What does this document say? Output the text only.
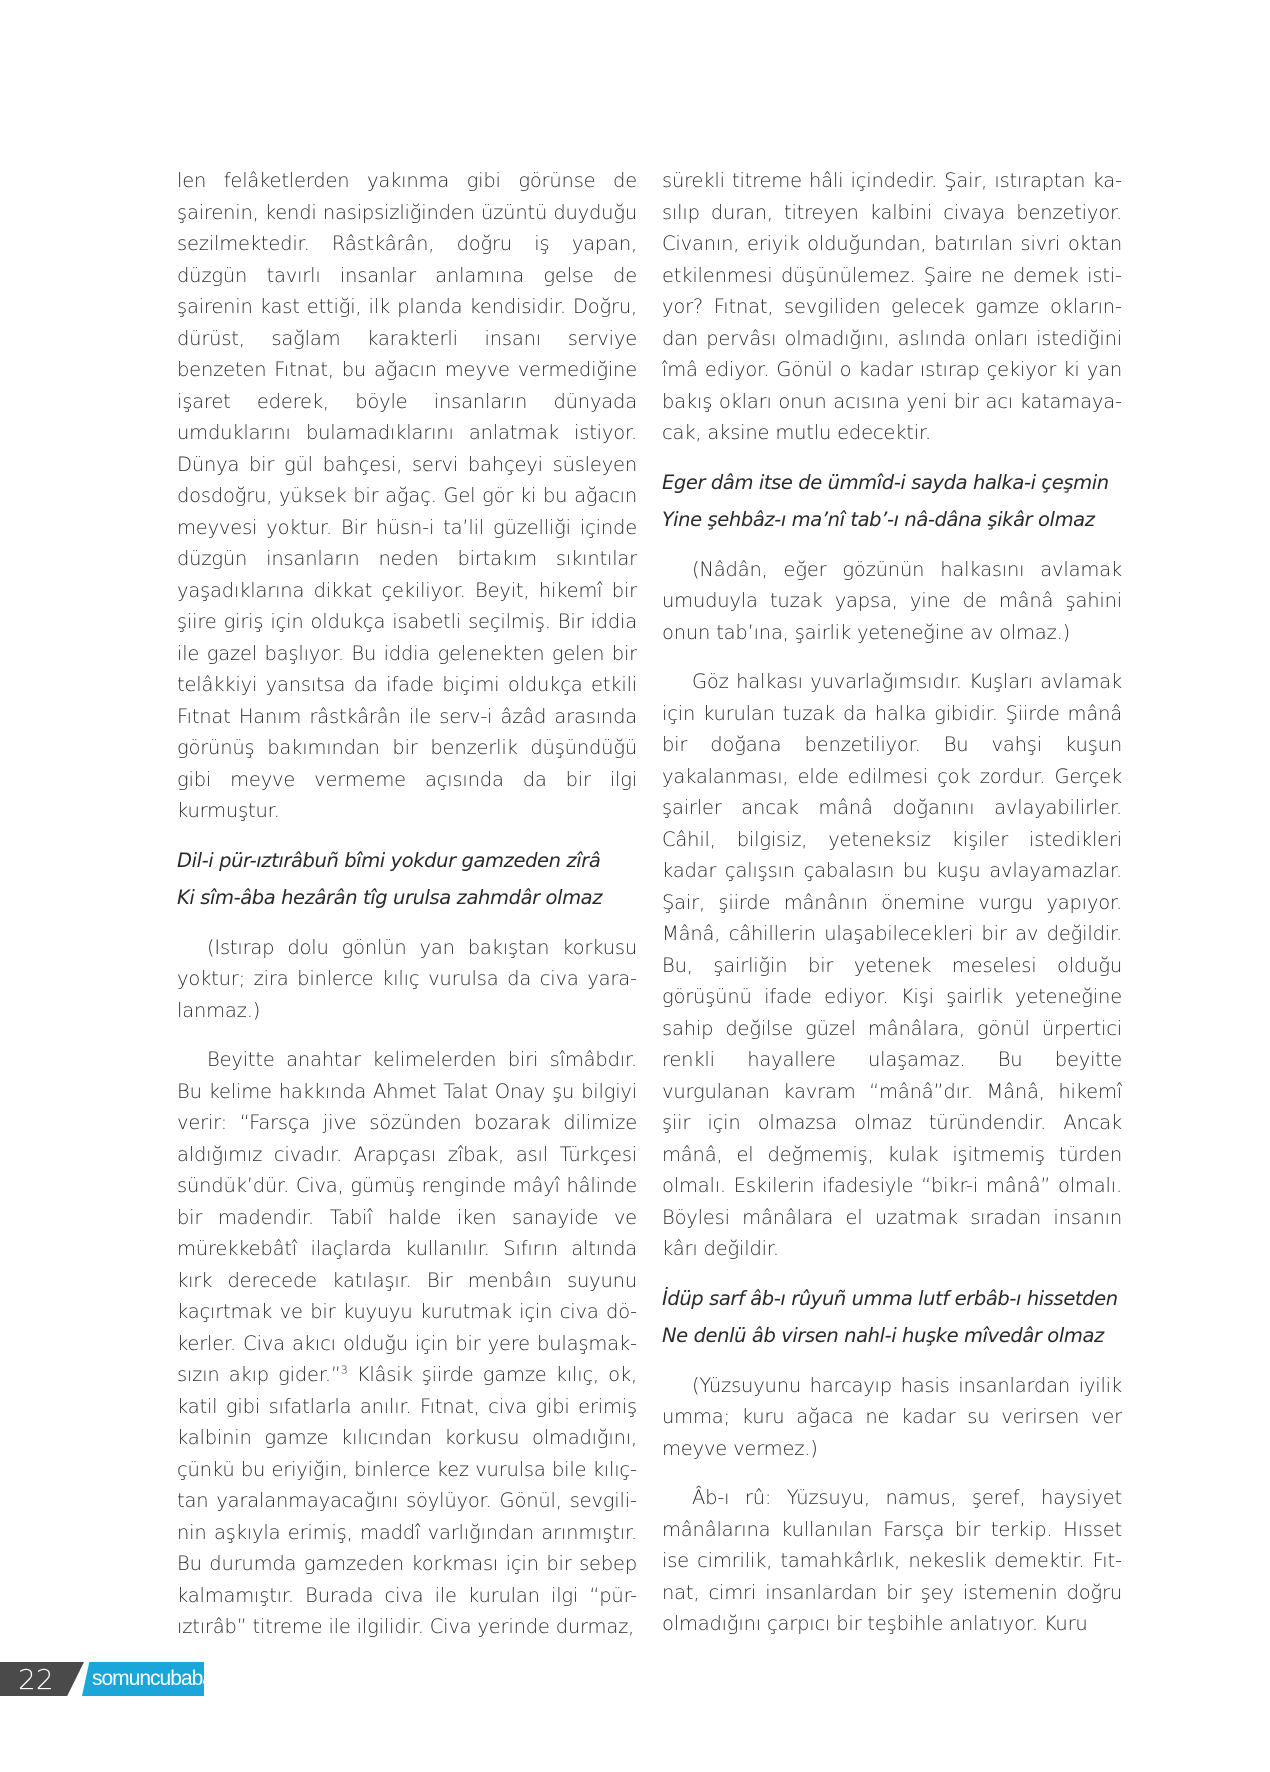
len felâketlerden yakınma gibi görünse de şairenin, kendi nasipsizliğinden üzüntü duyduğu sezilmektedir. Râstkârân, doğru iş yapan, düzgün tavırlı insanlar anlamına gelse de şairenin kast ettiği, ilk planda kendisidir. Doğru, dürüst, sağlam karakterli insanı serviye benzeten Fıtnat, bu ağacın meyve vermediğine işaret ederek, böyle insanların dünyada umduklarını bulamadıklarını anlatmak istiyor. Dünya bir gül bahçesi, servi bahçeyi süsleyen dosdoğru, yüksek bir ağaç. Gel gör ki bu ağacın meyvesi yoktur. Bir hüsn-i ta’lil güzelliği içinde düzgün insanların neden birtakım sıkıntılar yaşadıklarına dikkat çekiliyor. Beyit, hikemî bir şiire giriş için oldukça isabetli seçilmiş. Bir iddia ile gazel başlıyor. Bu iddia gelenekten gelen bir telâkkiyi yansıtsa da ifade biçimi oldukça etkili Fıtnat Hanım râstkârân ile serv-i âzâd arasında görünüş bakımından bir benzerlik düşündüğü gibi meyve vermeme açısında da bir ilgi kurmuştur.

Dil-i pür-ıztırâbuñ bîmi yokdur gamzeden zîrâ

Ki sîm-âba hezârân tîg urulsa zahmdâr olmaz

(Istırap dolu gönlün yan bakıştan korkusu yoktur; zira binlerce kılıç vurulsa da civa yaralanmaz.)

Beyitte anahtar kelimelerden biri sîmâbdır. Bu kelime hakkında Ahmet Talat Onay şu bilgiyi verir: “Farsça jive sözünden bozarak dilimize aldığımız civadır. Arapçası zîbak, asıl Türkçesi sündük’dür. Civa, gümüş renginde mâyî hâlinde bir madendir. Tabiî halde iken sanayide ve mürekkebâtî ilaçlarda kullanılır. Sıfırın altında kırk derecede katılaşır. Bir menbâın suyunu kaçırtmak ve bir kuyuyu kurutmak için civa dökerler. Civa akıcı olduğu için bir yere bulaşmaksızın akıp gider.”$^3$ Klâsik şiirde gamze kılıç, ok, katil gibi sıfatlarla anılır. Fıtnat, civa gibi erimiş kalbinin gamze kılıcından korkusu olmadığını, çünkü bu eriyiğin, binlerce kez vurulsa bile kılıçtan yaralanmayacağını söylüyor. Gönül, sevgilinin aşkıyla erimiş, maddî varlığından arınmıştır. Bu durumda gamzeden korkması için bir sebep kalmamıştır. Burada civa ile kurulan ilgi “pür-ıztırâb” titreme ile ilgilidir. Civa yerinde durmaz,

sürekli titreme hâli içindedir. Şair, ıstıraptan kasılıp duran, titreyen kalbini civaya benzetiyor. Civanın, eriyik olduğundan, batırılan sivri oktan etkilenmesi düşünülemez. Şaire ne demek istiyor? Fıtnat, sevgiliden gelecek gamze oklarından pervâsı olmadığını, aslında onları istediğini îmâ ediyor. Gönül o kadar ıstırap çekiyor ki yan bakış okları onun acısına yeni bir acı katamayacak, aksine mutlu edecektir.

Eger dâm itse de ümmîd-i sayda halka-i çeşmin

Yine şehbâz-ı ma’nî tab’-ı nâ-dâna şikâr olmaz

(Nâdân, eğer gözünün halkasını avlamak umuduyla tuzak yapsa, yine de mânâ şahini onun tab’ına, şairlik yeteneğine av olmaz.)

Göz halkası yuvarlağımsıdır. Kuşları avlamak için kurulan tuzak da halka gibidir. Şiirde mânâ bir doğana benzetiliyor. Bu vahşi kuşun yakalanması, elde edilmesi çok zordur. Gerçek şairler ancak mânâ doğanını avlayabilirler. Câhil, bilgisiz, yeteneksiz kişiler istedikleri kadar çalışsın çabalasın bu kuşu avlayamazlar. Şair, şiirde mânânın önemine vurgu yapıyor. Mânâ, câhillerin ulaşabilecekleri bir av değildir. Bu, şairliğin bir yetenek meselesi olduğu görüşünü ifade ediyor. Kişi şairlik yeteneğine sahip değilse güzel mânâlara, gönül ürpertici renkli hayallere ulaşamaz. Bu beyitte vurgulanan kavram “mânâ”dır. Mânâ, hikemî şiir için olmazsa olmaz türündendir. Ancak mânâ, el değmemiş, kulak işitmemiş türden olmalı. Eskilerin ifadesiyle “bikr-i mânâ” olmalı. Böylesi mânâlara el uzatmak sıradan insanın kârı değildir.

İdüp sarf âb-ı rûyuñ umma lutf erbâb-ı hissetden

Ne denlü âb virsen nahl-i huşke mîvedâr olmaz

(Yüzsuyunu harcayıp hasis insanlardan iyilik umma; kuru ağaca ne kadar su verirsen ver meyve vermez.)

Âb-ı rû: Yüzsuyu, namus, şeref, haysiyet mânâlarına kullanılan Farsça bir terkip. Hısset ise cimrilik, tamahkârlık, nekeslik demektir. Fıtnat, cimri insanlardan bir şey istemenin doğru olmadığını çarpıcı bir teşbihle anlatıyor. Kuru

22 somuncubaba
